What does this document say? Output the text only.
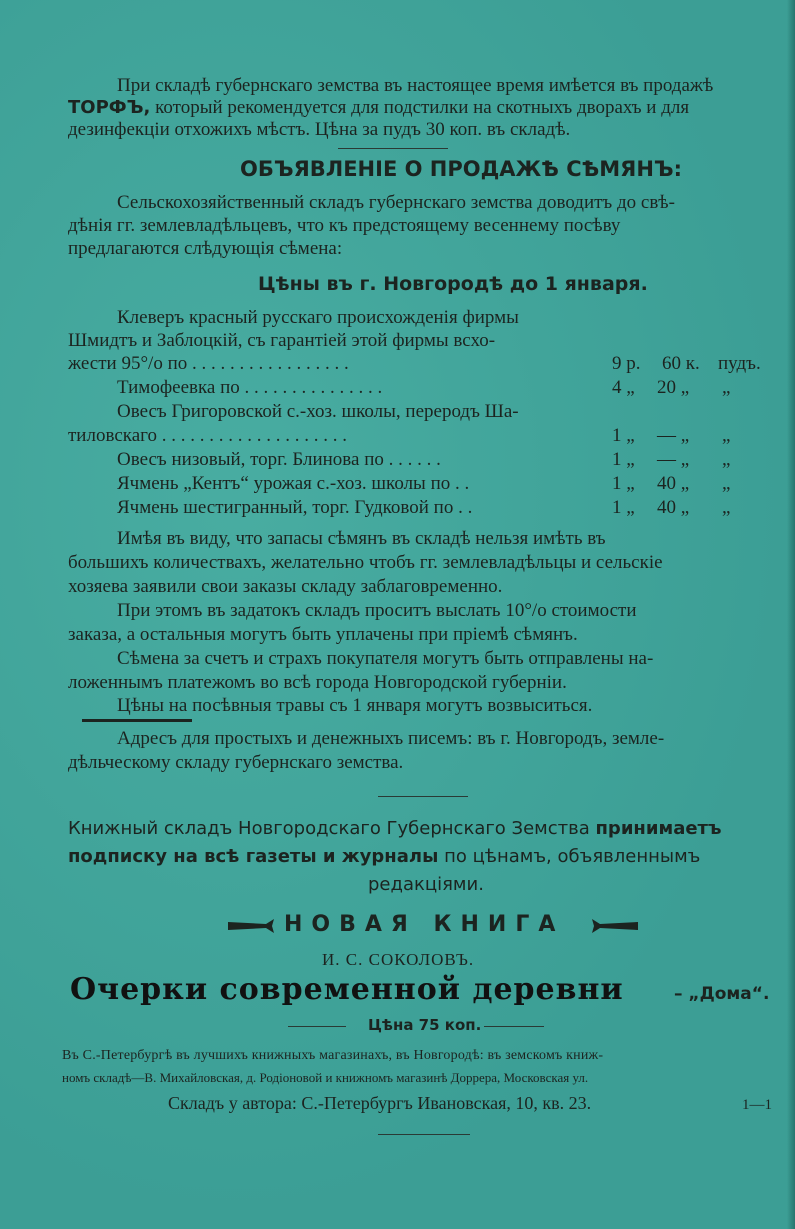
При складѣ губернскаго земства въ настоящее время имѣется въ продажѣ
ТОРФЪ, который рекомендуется для подстилки на скотныхъ дворахъ и для
дезинфекціи отхожихъ мѣстъ. Цѣна за пудъ 30 коп. въ складѣ.
ОБЪЯВЛЕНІЕ О ПРОДАЖѢ СѢМЯНЪ:
Сельскохозяйственный складъ губернскаго земства доводитъ до свѣ-
дѣнія гг. землевладѣльцевъ, что къ предстоящему весеннему посѣву
предлагаются слѣдующія сѣмена:
Цѣны въ г. Новгородѣ до 1 января.
Клеверъ красный русскаго происхожденія фирмы
Шмидтъ и Заблоцкій, съ гарантіей этой фирмы всхо-
жести 95°/о по . . . . . . . . . . . . . . . . .	9 р. 60 к. пудъ.
Тимофеевка по . . . . . . . . . . . . . . .	4 „ 20 „ „
Овесъ Григоровской с.-хоз. школы, переродъ Ша-
тиловскаго . . . . . . . . . . . . . . . . . . . .	1 „ — „ „
Овесъ низовый, торг. Блинова по . . . . . .	1 „ — „ „
Ячмень „Кентъ“ урожая с.-хоз. школы по . .	1 „ 40 „ „
Ячмень шестигранный, торг. Гудковой по . .	1 „ 40 „ „
Имѣя въ виду, что запасы сѣмянъ въ складѣ нельзя имѣть въ
большихъ количествахъ, желательно чтобъ гг. землевладѣльцы и сельскіе
хозяева заявили свои заказы складу заблаговременно.
При этомъ въ задатокъ складъ проситъ выслать 10°/о стоимости
заказа, а остальныя могутъ быть уплачены при пріемѣ сѣмянъ.
Сѣмена за счетъ и страхъ покупателя могутъ быть отправлены на-
ложеннымъ платежомъ во всѣ города Новгородской губерніи.
Цѣны на посѣвныя травы съ 1 января могутъ возвыситься.
Адресъ для простыхъ и денежныхъ писемъ: въ г. Новгородъ, земле-
дѣльческому складу губернскаго земства.
Книжный складъ Новгородскаго Губернскаго Земства принимаетъ
подписку на всѣ газеты и журналы по цѣнамъ, объявленнымъ
редакціями.
НОВАЯ КНИГА
И. С. СОКОЛОВЪ.
Очерки современной деревни	– „Дома“.
Цѣна 75 коп.
Въ С.-Петербургѣ въ лучшихъ книжныхъ магазинахъ, въ Новгородѣ: въ земскомъ книж-
номъ складѣ—В. Михайловская, д. Родіоновой и книжномъ магазинѣ Доррера, Московская ул.
Складъ у автора: С.-Петербургъ Ивановская, 10, кв. 23.	1—1
